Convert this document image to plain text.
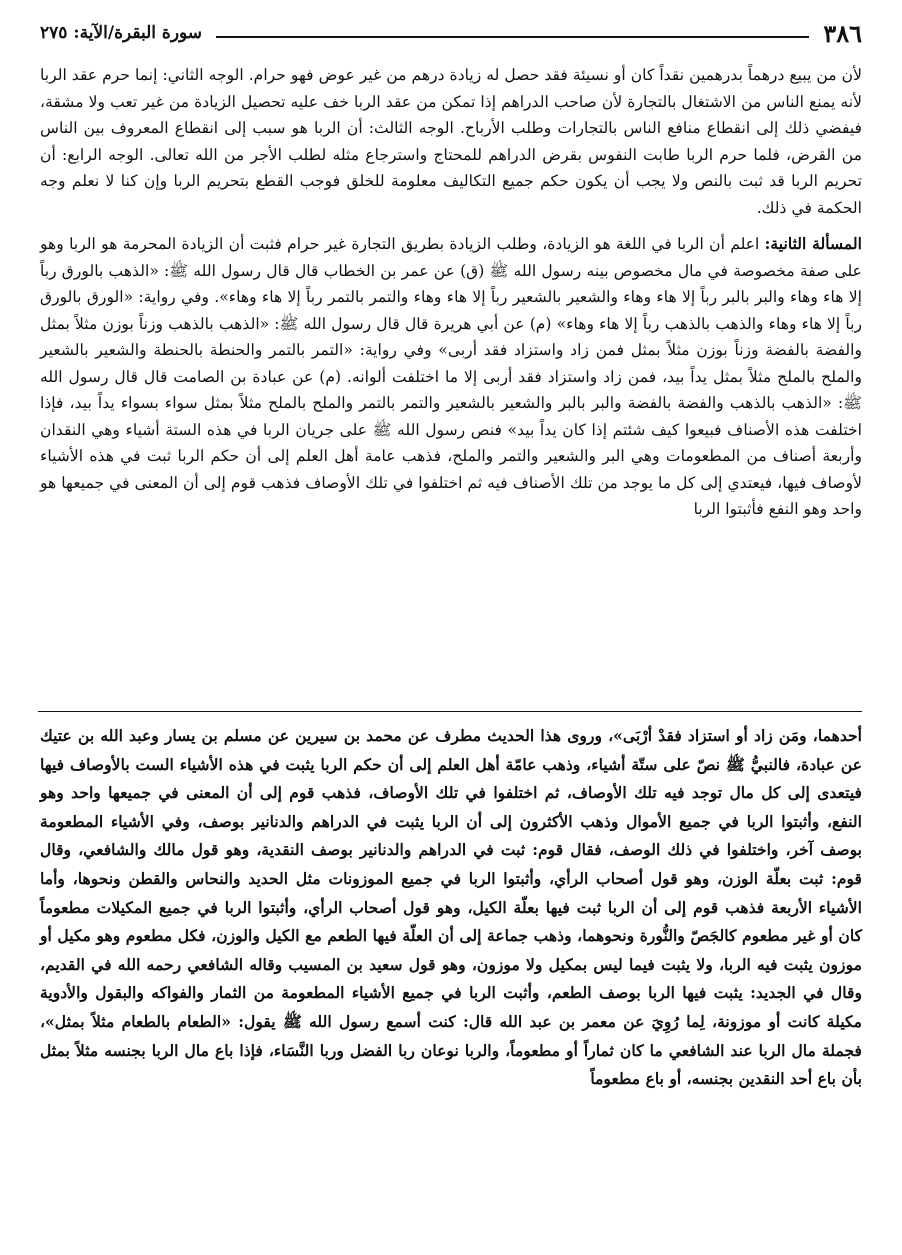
٣٨٦
سورة البقرة/الآية: ٢٧٥

لأن من يبيع درهماً بدرهمين نقداً كان أو نسيئة فقد حصل له زيادة درهم من غير عوض فهو حرام. الوجه الثاني: إنما حرم عقد الربا لأنه يمنع الناس من الاشتغال بالتجارة لأن صاحب الدراهم إذا تمكن من عقد الربا خف عليه تحصيل الزيادة من غير تعب ولا مشقة، فيفضي ذلك إلى انقطاع منافع الناس بالتجارات وطلب الأرباح. الوجه الثالث: أن الربا هو سبب إلى انقطاع المعروف بين الناس من القرض، فلما حرم الربا طابت النفوس بقرض الدراهم للمحتاج واسترجاع مثله لطلب الأجر من الله تعالى. الوجه الرابع: أن تحريم الربا قد ثبت بالنص ولا يجب أن يكون حكم جميع التكاليف معلومة للخلق فوجب القطع بتحريم الربا وإن كنا لا نعلم وجه الحكمة في ذلك.

المسألة الثانية: اعلم أن الربا في اللغة هو الزيادة، وطلب الزيادة بطريق التجارة غير حرام فثبت أن الزيادة المحرمة هو الربا وهو على صفة مخصوصة في مال مخصوص بينه رسول الله ﷺ (ق) عن عمر بن الخطاب قال قال رسول الله ﷺ: «الذهب بالورق رباً إلا هاء وهاء والبر بالبر رباً إلا هاء وهاء والشعير بالشعير رباً إلا هاء وهاء والتمر بالتمر رباً إلا هاء وهاء». وفي رواية: «الورق بالورق رباً إلا هاء وهاء والذهب بالذهب رباً إلا هاء وهاء» (م) عن أبي هريرة قال قال رسول الله ﷺ: «الذهب بالذهب وزناً بوزن مثلاً بمثل والفضة بالفضة وزناً بوزن مثلاً بمثل فمن زاد واستزاد فقد أربى» وفي رواية: «التمر بالتمر والحنطة بالحنطة والشعير بالشعير والملح بالملح مثلاً بمثل يداً بيد، فمن زاد واستزاد فقد أربى إلا ما اختلفت ألوانه. (م) عن عبادة بن الصامت قال قال رسول الله ﷺ: «الذهب بالذهب والفضة بالفضة والبر بالبر والشعير بالشعير والتمر بالتمر والملح بالملح مثلاً بمثل سواء بسواء يداً بيد، فإذا اختلفت هذه الأصناف فبيعوا كيف شئتم إذا كان يداً بيد» فنص رسول الله ﷺ على جريان الربا في هذه الستة أشياء وهي النقدان وأربعة أصناف من المطعومات وهي البر والشعير والتمر والملح، فذهب عامة أهل العلم إلى أن حكم الربا ثبت في هذه الأشياء لأوصاف فيها، فيعتدي إلى كل ما يوجد من تلك الأصناف فيه ثم اختلفوا في تلك الأوصاف فذهب قوم إلى أن المعنى في جميعها هو واحد وهو النفع فأثبتوا الربا

أحدهما، ومَن زاد أو استزاد فقدْ أرْبَى»، وروى هذا الحديث مطرف عن محمد بن سيرين عن مسلم بن يسار وعبد الله بن عتيك عن عبادة، فالنبيُّ ﷺ نصّ على ستّة أشياء، وذهب عامّة أهل العلم إلى أن حكم الربا يثبت في هذه الأشياء الست بالأوصاف فيها فيتعدى إلى كل مال توجد فيه تلك الأوصاف، ثم اختلفوا في تلك الأوصاف، فذهب قوم إلى أن المعنى في جميعها واحد وهو النفع، وأثبتوا الربا في جميع الأموال وذهب الأكثرون إلى أن الربا يثبت في الدراهم والدنانير بوصف، وفي الأشياء المطعومة بوصف آخر، واختلفوا في ذلك الوصف، فقال قوم: ثبت في الدراهم والدنانير بوصف النقدية، وهو قول مالك والشافعي، وقال قوم: ثبت بعلّة الوزن، وهو قول أصحاب الرأي، وأثبتوا الربا في جميع الموزونات مثل الحديد والنحاس والقطن ونحوها، وأما الأشياء الأربعة فذهب قوم إلى أن الربا ثبت فيها بعلّة الكيل، وهو قول أصحاب الرأي، وأثبتوا الربا في جميع المكيلات مطعوماً كان أو غير مطعوم كالجَصّ والنُّورة ونحوهما، وذهب جماعة إلى أن العلّة فيها الطعم مع الكيل والوزن، فكل مطعوم وهو مكيل أو موزون يثبت فيه الربا، ولا يثبت فيما ليس بمكيل ولا موزون، وهو قول سعيد بن المسيب وقاله الشافعي رحمه الله في القديم، وقال في الجديد: يثبت فيها الربا بوصف الطعم، وأثبت الربا في جميع الأشياء المطعومة من الثمار والفواكه والبقول والأدوية مكيلة كانت أو موزونة، لِما رُوِيَ عن معمر بن عبد الله قال: كنت أسمع رسول الله ﷺ يقول: «الطعام بالطعام مثلاً بمثل»، فجملة مال الربا عند الشافعي ما كان ثماراً أو مطعوماً، والربا نوعان ربا الفضل وربا النَّسَاء، فإذا باع مال الربا بجنسه مثلاً بمثل بأن باع أحد النقدين بجنسه، أو باع مطعوماً
